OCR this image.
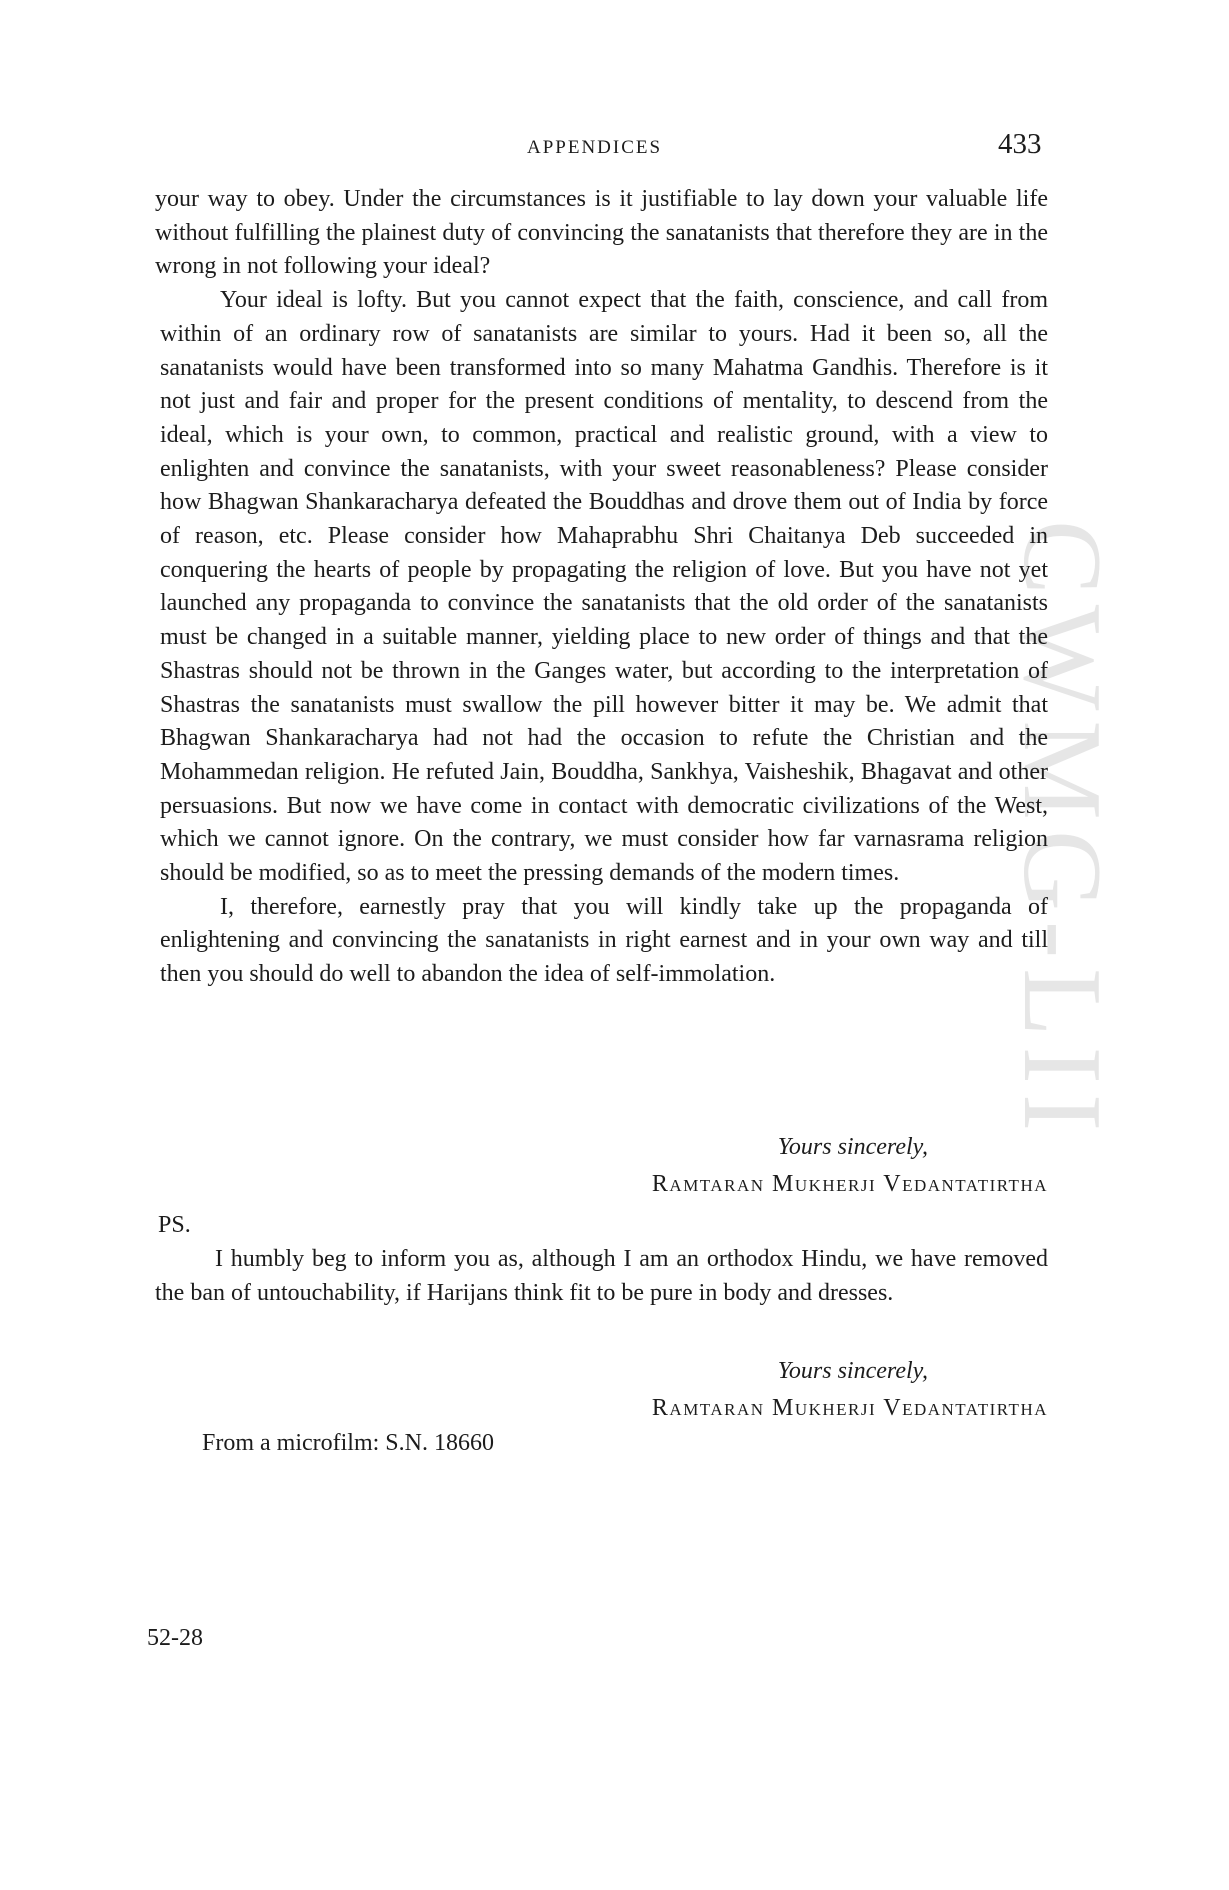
CWMG-LII
APPENDICES	433

your way to obey. Under the circumstances is it justifiable to lay down your valuable life without fulfilling the plainest duty of convincing the sanatanists that therefore they are in the wrong in not following your ideal?

Your ideal is lofty. But you cannot expect that the faith, conscience, and call from within of an ordinary row of sanatanists are similar to yours. Had it been so, all the sanatanists would have been transformed into so many Mahatma Gandhis. Therefore is it not just and fair and proper for the present conditions of mentality, to descend from the ideal, which is your own, to common, practical and realistic ground, with a view to enlighten and convince the sanatanists, with your sweet reasonableness? Please consider how Bhagwan Shankaracharya defeated the Bouddhas and drove them out of India by force of reason, etc. Please consider how Mahaprabhu Shri Chaitanya Deb succeeded in conquering the hearts of people by propagating the religion of love. But you have not yet launched any propaganda to convince the sanatanists that the old order of the sanatanists must be changed in a suitable manner, yielding place to new order of things and that the Shastras should not be thrown in the Ganges water, but according to the interpretation of Shastras the sanatanists must swallow the pill however bitter it may be. We admit that Bhagwan Shankaracharya had not had the occasion to refute the Christian and the Mohammedan religion. He refuted Jain, Bouddha, Sankhya, Vaisheshik, Bhagavat and other persuasions. But now we have come in contact with democratic civilizations of the West, which we cannot ignore. On the contrary, we must consider how far varnasrama religion should be modified, so as to meet the pressing demands of the modern times.

I, therefore, earnestly pray that you will kindly take up the propaganda of enlightening and convincing the sanatanists in right earnest and in your own way and till then you should do well to abandon the idea of self-immolation.

Yours sincerely,
Ramtaran Mukherji Vedantatirtha
PS.

I humbly beg to inform you as, although I am an orthodox Hindu, we have removed the ban of untouchability, if Harijans think fit to be pure in body and dresses.

Yours sincerely,
Ramtaran Mukherji Vedantatirtha
From a microfilm: S.N. 18660
52-28
